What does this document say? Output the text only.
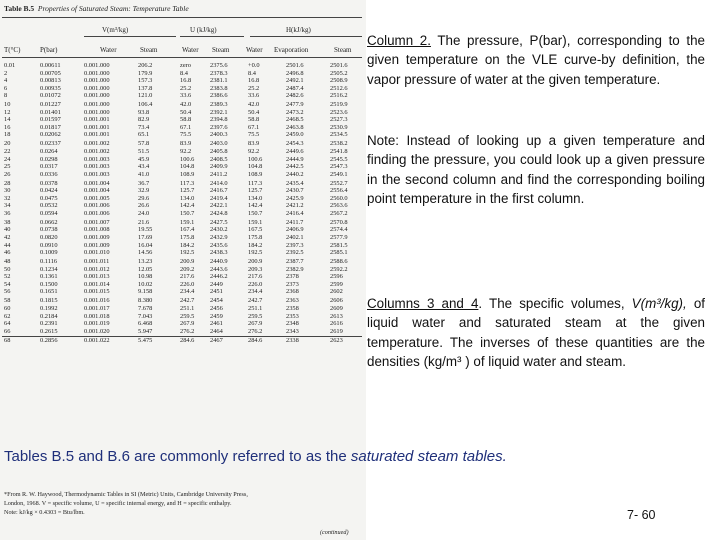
Table B.5 Properties of Saturated Steam: Temperature Table
V(m³/kg)	U (kJ/kg)	H(kJ/kg)
T(°C)	P(bar)	Water	Steam	Water Steam Water Evaporation	Steam
0.01	0.00611	0.001.000	206.2	zero	2375.6	+0.0	2501.6	2501.6
2	0.00705	0.001.000	179.9	8.4	2378.3	8.4	2496.8	2505.2
4	0.00813	0.001.000	157.3	16.8	2381.1	16.8	2492.1	2508.9
6	0.00935	0.001.000	137.8	25.2	2383.8	25.2	2487.4	2512.6
8	0.01072	0.001.000	121.0	33.6	2386.6	33.6	2482.6	2516.2
10	0.01227	0.001.000	106.4	42.0	2389.3	42.0	2477.9	2519.9
12	0.01401	0.001.000	93.8	50.4	2392.1	50.4	2473.2	2523.6
14	0.01597	0.001.001	82.9	58.8	2394.8	58.8	2468.5	2527.3
16	0.01817	0.001.001	73.4	67.1	2397.6	67.1	2463.8	2530.9
18	0.02062	0.001.001	65.1	75.5	2400.3	75.5	2459.0	2534.5
20	0.02337	0.001.002	57.8	83.9	2403.0	83.9	2454.3	2538.2
22	0.0264	0.001.002	51.5	92.2	2405.8	92.2	2449.6	2541.8
24	0.0298	0.001.003	45.9	100.6 2408.5	100.6	2444.9	2545.5
25	0.0317	0.001.003	43.4	104.8 2409.9	104.8	2442.5	2547.3
26	0.0336	0.001.003	41.0	108.9 2411.2	108.9	2440.2	2549.1
28	0.0378	0.001.004	36.7	117.3 2414.0	117.3	2435.4	2552.7
30	0.0424	0.001.004	32.9	125.7 2416.7	125.7	2430.7	2556.4
32	0.0475	0.001.005	29.6	134.0 2419.4	134.0	2425.9	2560.0
34	0.0532	0.001.006	26.6	142.4 2422.1	142.4	2421.2	2563.6
36	0.0594	0.001.006	24.0	150.7 2424.8	150.7	2416.4	2567.2
38	0.0662	0.001.007	21.6	159.1 2427.5	159.1	2411.7	2570.8
40	0.0738	0.001.008	19.55	167.4 2430.2	167.5	2406.9	2574.4
42	0.0820	0.001.009	17.69	175.8 2432.9	175.8	2402.1	2577.9
44	0.0910	0.001.009	16.04	184.2 2435.6	184.2	2397.3	2581.5
46	0.1009	0.001.010	14.56	192.5 2438.3	192.5	2392.5	2585.1
48	0.1116	0.001.011	13.23	200.9 2440.9	200.9	2387.7	2588.6
50	0.1234	0.001.012	12.05	209.2 2443.6	209.3	2382.9	2592.2
52	0.1361	0.001.013	10.98	217.6 2446.2	217.6	2378	2596
54	0.1500	0.001.014	10.02	226.0 2449	226.0	2373	2599
56	0.1651	0.001.015	9.158	234.4 2451	234.4	2368	2602
58	0.1815	0.001.016	8.380	242.7 2454	242.7	2363	2606
60	0.1992	0.001.017	7.678	251.1 2456	251.1	2358	2609
62	0.2184	0.001.018	7.043	259.5 2459	259.5	2353	2613
64	0.2391	0.001.019	6.468	267.9 2461	267.9	2348	2616
66	0.2615	0.001.020	5.947	276.2 2464	276.2	2343	2619
68	0.2856	0.001.022	5.475	284.6 2467	284.6	2338	2623
*From R. W. Haywood, Thermodynamic Tables in SI (Metric) Units, Cambridge University Press,
London, 1968. V = specific volume, U = specific internal energy, and H = specific enthalpy.
Note: kJ/kg × 0.4303 = Btu/lbm.
(continued)
Column 2. The pressure, P(bar), corresponding to the given temperature on the VLE curve-by definition, the vapor pressure of water at the given temperature.
Note: Instead of looking up a given temperature and finding the pressure, you could look up a given pressure in the second column and find the corresponding boiling point temperature in the first column.
Columns 3 and 4. The specific volumes, V(m³/kg), of liquid water and saturated steam at the given temperature. The inverses of these quantities are the densities (kg/m³ ) of liquid water and steam.
Tables B.5 and B.6 are commonly referred to as the saturated steam tables.
7- 60
